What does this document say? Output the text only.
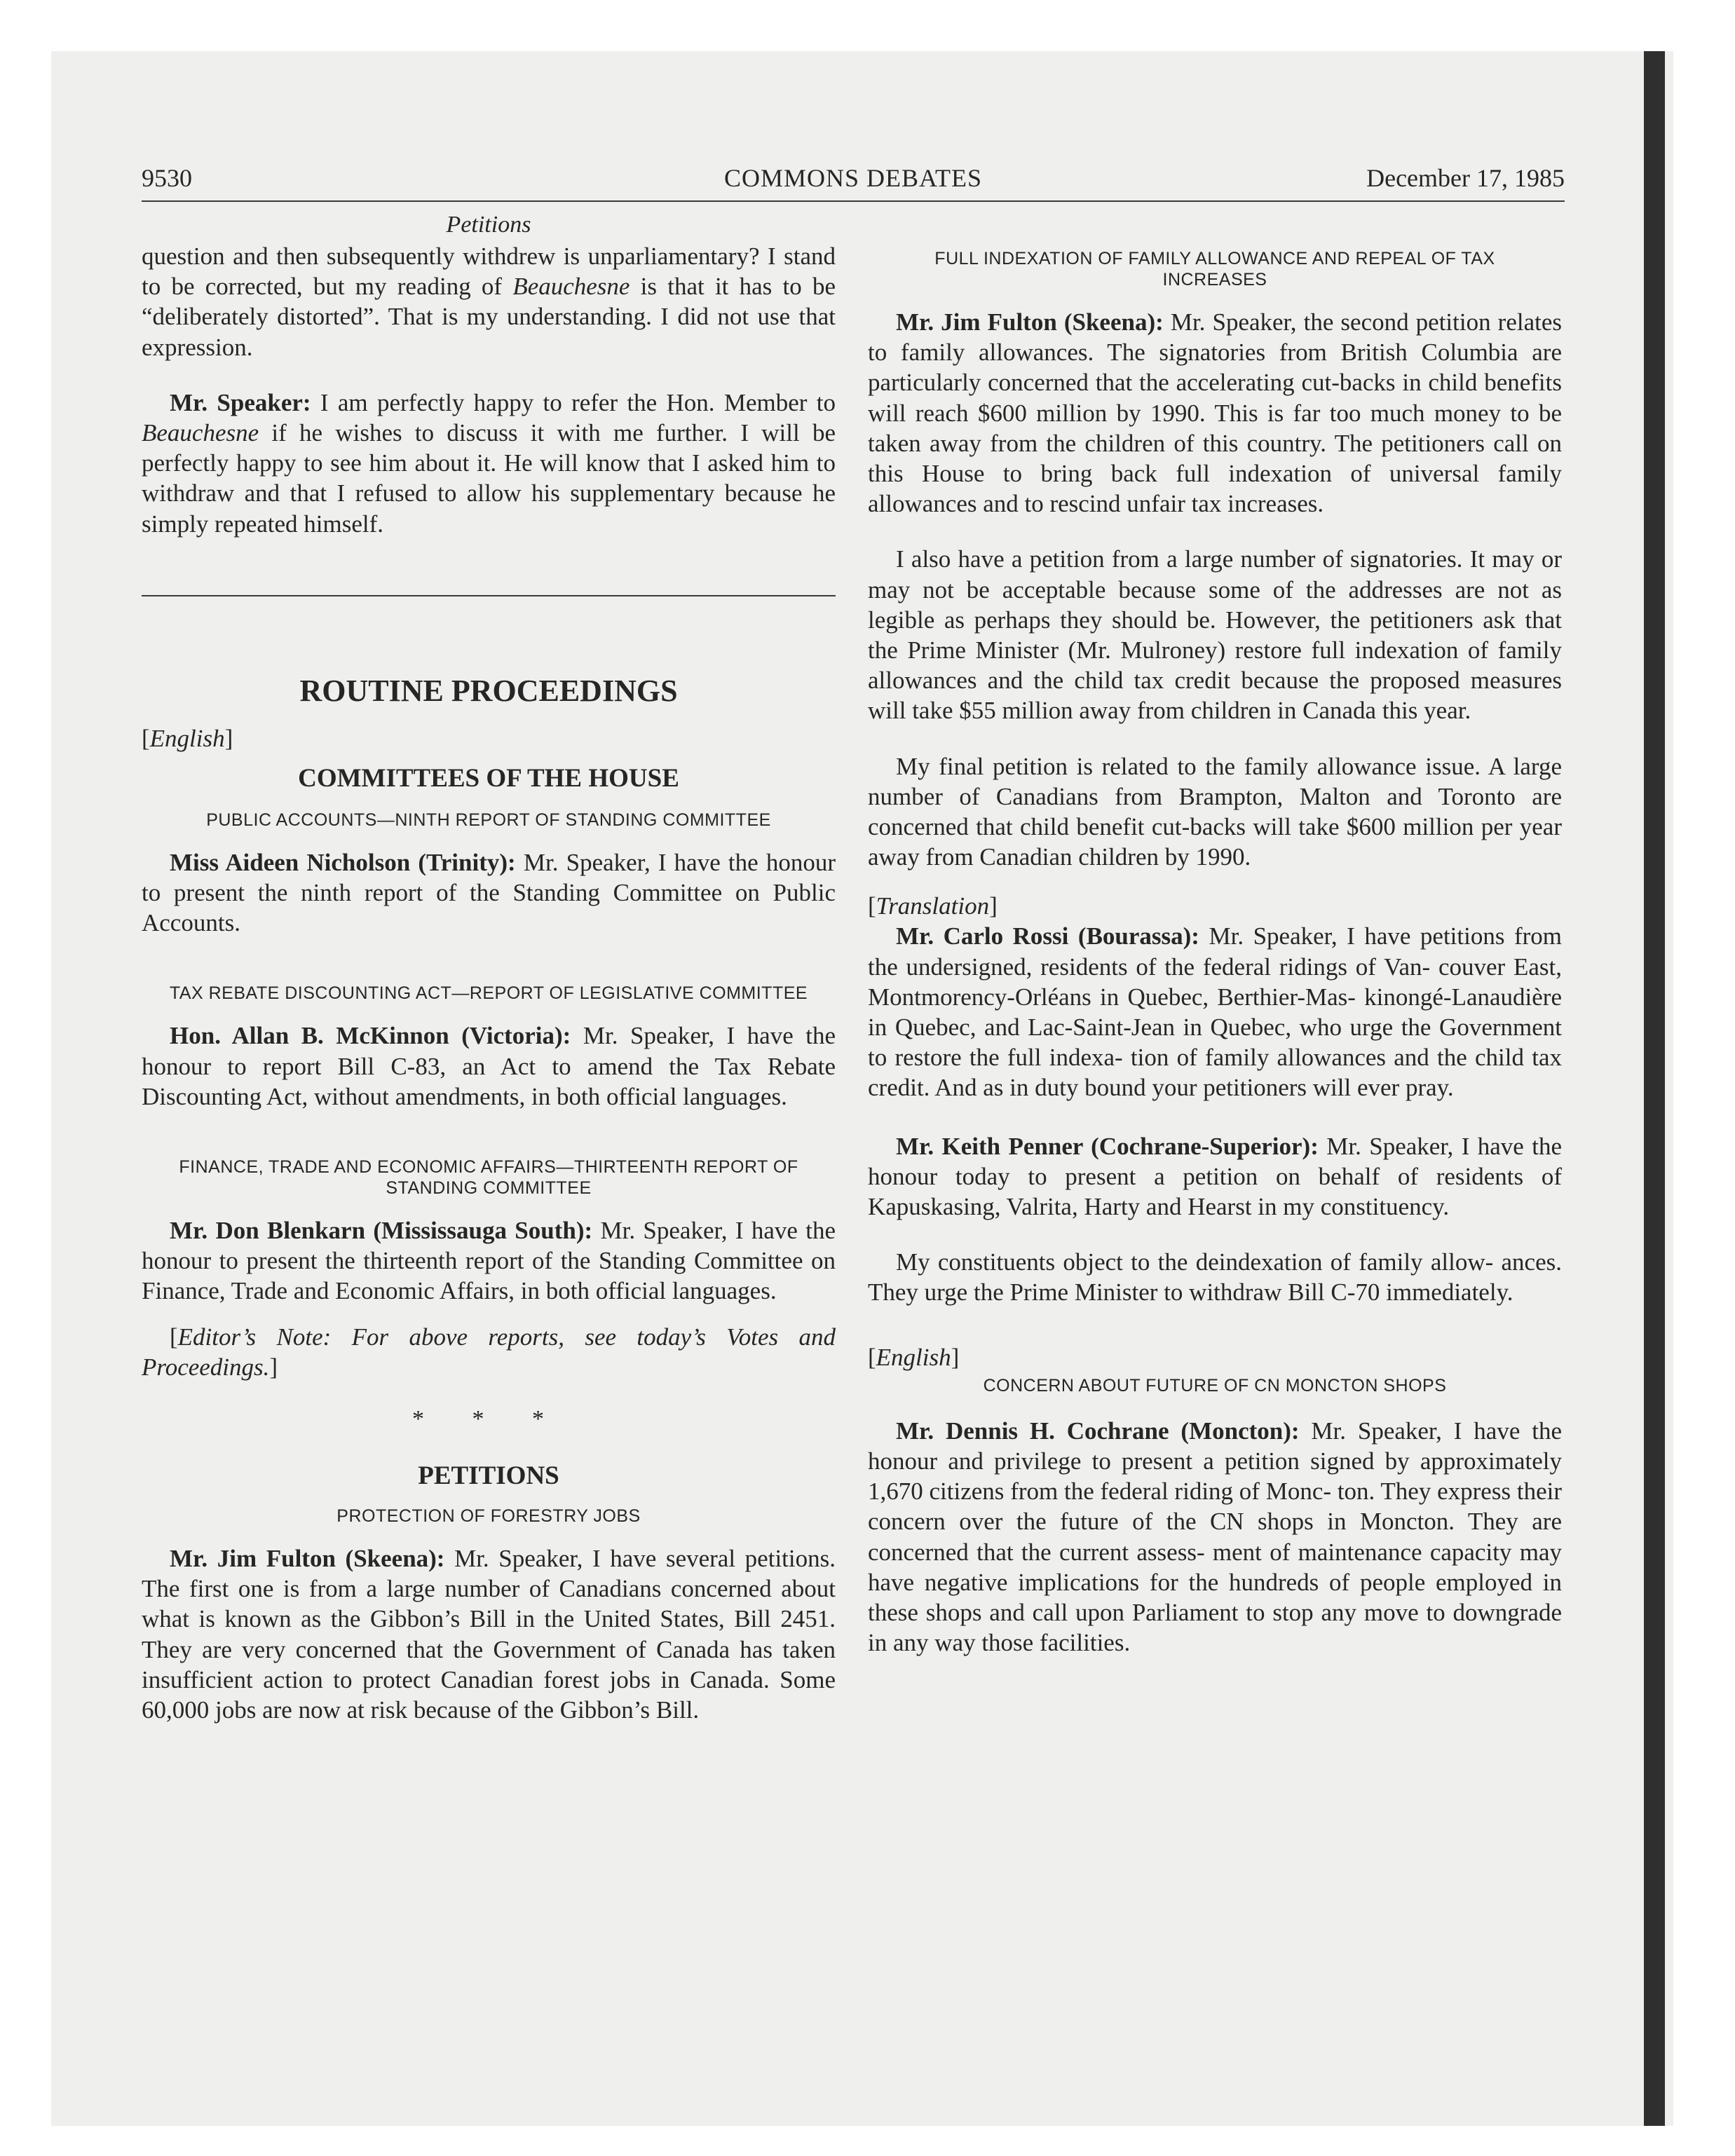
9530	COMMONS DEBATES	December 17, 1985

Petitions

question and then subsequently withdrew is unparliamentary? I stand to be corrected, but my reading of Beauchesne is that it has to be “deliberately distorted”. That is my understanding. I did not use that expression.

Mr. Speaker: I am perfectly happy to refer the Hon. Member to Beauchesne if he wishes to discuss it with me further. I will be perfectly happy to see him about it. He will know that I asked him to withdraw and that I refused to allow his supplementary because he simply repeated himself.

ROUTINE PROCEEDINGS

[English]

COMMITTEES OF THE HOUSE

PUBLIC ACCOUNTS—NINTH REPORT OF STANDING COMMITTEE

Miss Aideen Nicholson (Trinity): Mr. Speaker, I have the honour to present the ninth report of the Standing Committee on Public Accounts.

TAX REBATE DISCOUNTING ACT—REPORT OF LEGISLATIVE COMMITTEE

Hon. Allan B. McKinnon (Victoria): Mr. Speaker, I have the honour to report Bill C-83, an Act to amend the Tax Rebate Discounting Act, without amendments, in both official languages.

FINANCE, TRADE AND ECONOMIC AFFAIRS—THIRTEENTH REPORT OF STANDING COMMITTEE

Mr. Don Blenkarn (Mississauga South): Mr. Speaker, I have the honour to present the thirteenth report of the Standing Committee on Finance, Trade and Economic Affairs, in both official languages.

[Editor’s Note: For above reports, see today’s Votes and Proceedings.]

* * *

PETITIONS

PROTECTION OF FORESTRY JOBS

Mr. Jim Fulton (Skeena): Mr. Speaker, I have several petitions. The first one is from a large number of Canadians concerned about what is known as the Gibbon’s Bill in the United States, Bill 2451. They are very concerned that the Government of Canada has taken insufficient action to protect Canadian forest jobs in Canada. Some 60,000 jobs are now at risk because of the Gibbon’s Bill.

FULL INDEXATION OF FAMILY ALLOWANCE AND REPEAL OF TAX INCREASES

Mr. Jim Fulton (Skeena): Mr. Speaker, the second petition relates to family allowances. The signatories from British Columbia are particularly concerned that the accelerating cut-backs in child benefits will reach $600 million by 1990. This is far too much money to be taken away from the children of this country. The petitioners call on this House to bring back full indexation of universal family allowances and to rescind unfair tax increases.

I also have a petition from a large number of signatories. It may or may not be acceptable because some of the addresses are not as legible as perhaps they should be. However, the petitioners ask that the Prime Minister (Mr. Mulroney) restore full indexation of family allowances and the child tax credit because the proposed measures will take $55 million away from children in Canada this year.

My final petition is related to the family allowance issue. A large number of Canadians from Brampton, Malton and Toronto are concerned that child benefit cut-backs will take $600 million per year away from Canadian children by 1990.

[Translation]

Mr. Carlo Rossi (Bourassa): Mr. Speaker, I have petitions from the undersigned, residents of the federal ridings of Van- couver East, Montmorency-Orléans in Quebec, Berthier-Mas- kinongé-Lanaudière in Quebec, and Lac-Saint-Jean in Quebec, who urge the Government to restore the full indexa- tion of family allowances and the child tax credit. And as in duty bound your petitioners will ever pray.

Mr. Keith Penner (Cochrane-Superior): Mr. Speaker, I have the honour today to present a petition on behalf of residents of Kapuskasing, Valrita, Harty and Hearst in my constituency.

My constituents object to the deindexation of family allow- ances. They urge the Prime Minister to withdraw Bill C-70 immediately.

[English]

CONCERN ABOUT FUTURE OF CN MONCTON SHOPS

Mr. Dennis H. Cochrane (Moncton): Mr. Speaker, I have the honour and privilege to present a petition signed by approximately 1,670 citizens from the federal riding of Monc- ton. They express their concern over the future of the CN shops in Moncton. They are concerned that the current assess- ment of maintenance capacity may have negative implications for the hundreds of people employed in these shops and call upon Parliament to stop any move to downgrade in any way those facilities.
